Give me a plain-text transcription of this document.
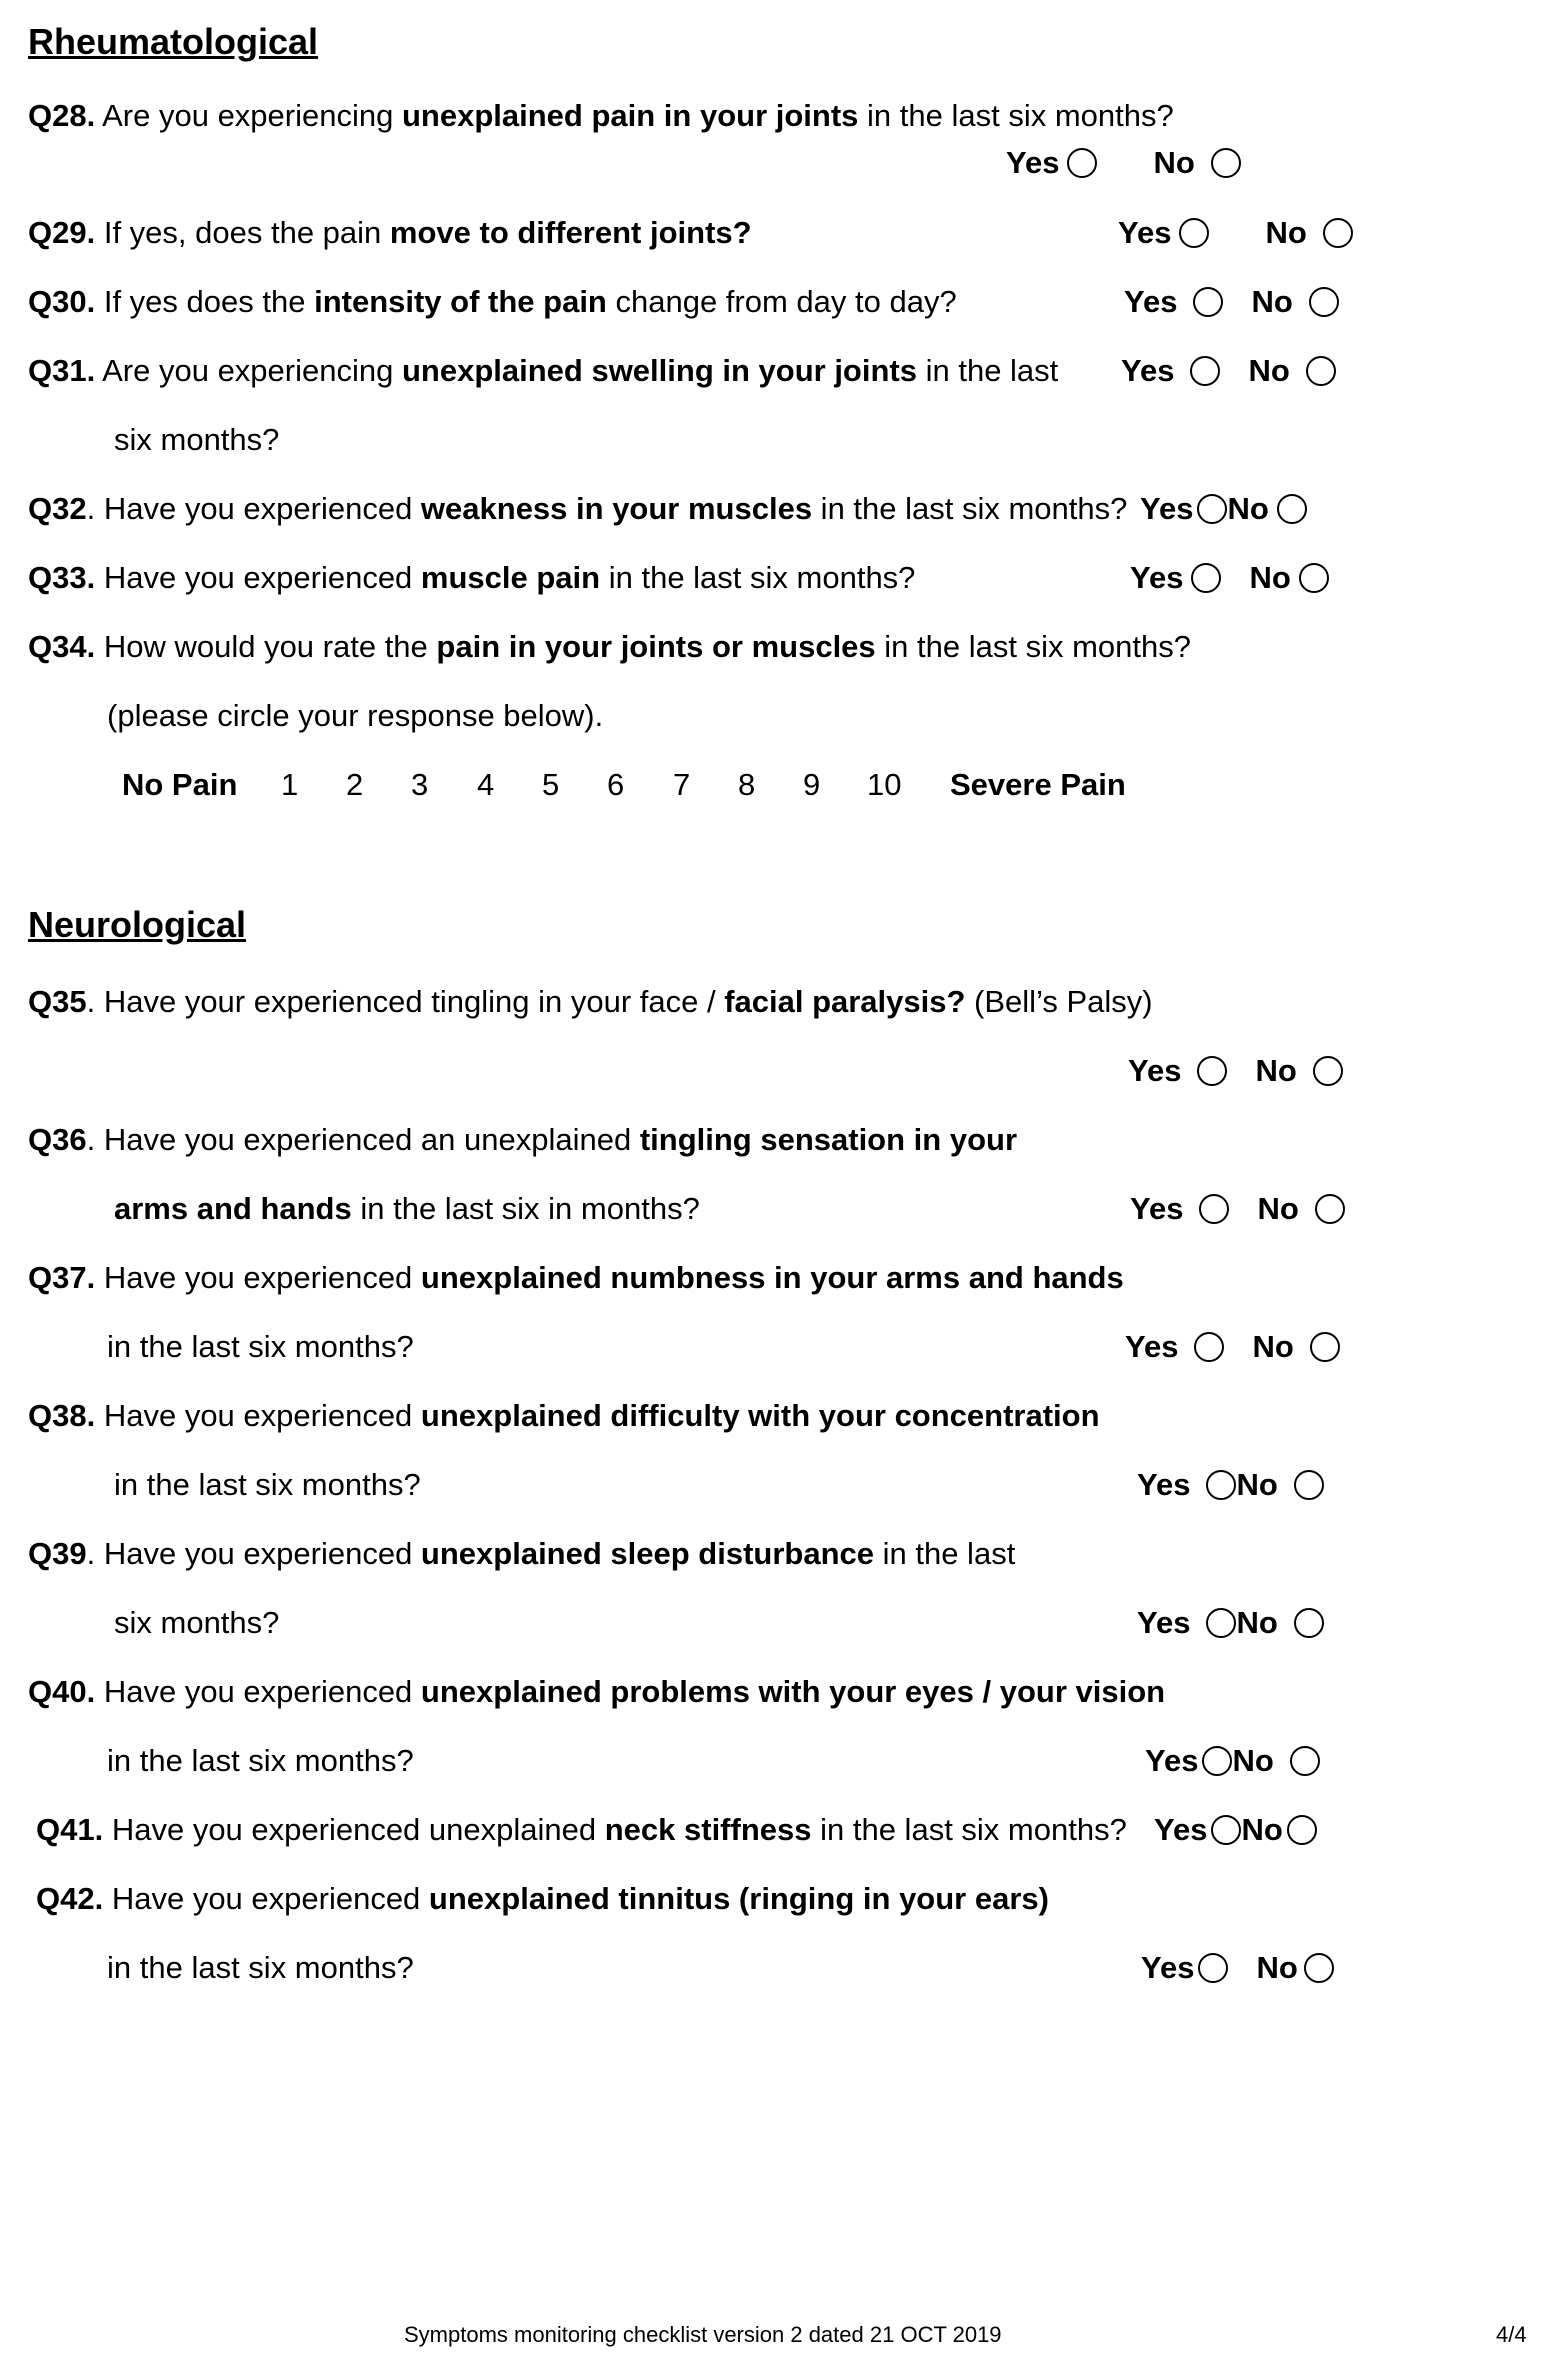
Rheumatological
Q28. Are you experiencing unexplained pain in your joints in the last six months?
Yes	No
Q29. If yes, does the pain move to different joints?	Yes	No
Q30. If yes does the intensity of the pain change from day to day?	Yes No
Q31. Are you experiencing unexplained swelling in your joints in the last Yes No
six months?
Q32. Have you experienced weakness in your muscles in the last six months? Yes No
Q33. Have you experienced muscle pain in the last six months?	Yes No
Q34. How would you rate the pain in your joints or muscles in the last six months?
(please circle your response below).
No Pain 1 2 3 4 5 6 7 8 9 10 Severe Pain
Neurological
Q35. Have your experienced tingling in your face / facial paralysis? (Bell’s Palsy)
Yes No
Q36. Have you experienced an unexplained tingling sensation in your
arms and hands in the last six in months?	Yes No
Q37. Have you experienced unexplained numbness in your arms and hands
in the last six months?	Yes No
Q38. Have you experienced unexplained difficulty with your concentration
in the last six months?	Yes No
Q39. Have you experienced unexplained sleep disturbance in the last
six months?	Yes No
Q40. Have you experienced unexplained problems with your eyes / your vision
in the last six months?	Yes No
Q41. Have you experienced unexplained neck stiffness in the last six months? Yes No
Q42. Have you experienced unexplained tinnitus (ringing in your ears)
in the last six months?	Yes No
Symptoms monitoring checklist version 2 dated 21 OCT 2019	4/4
